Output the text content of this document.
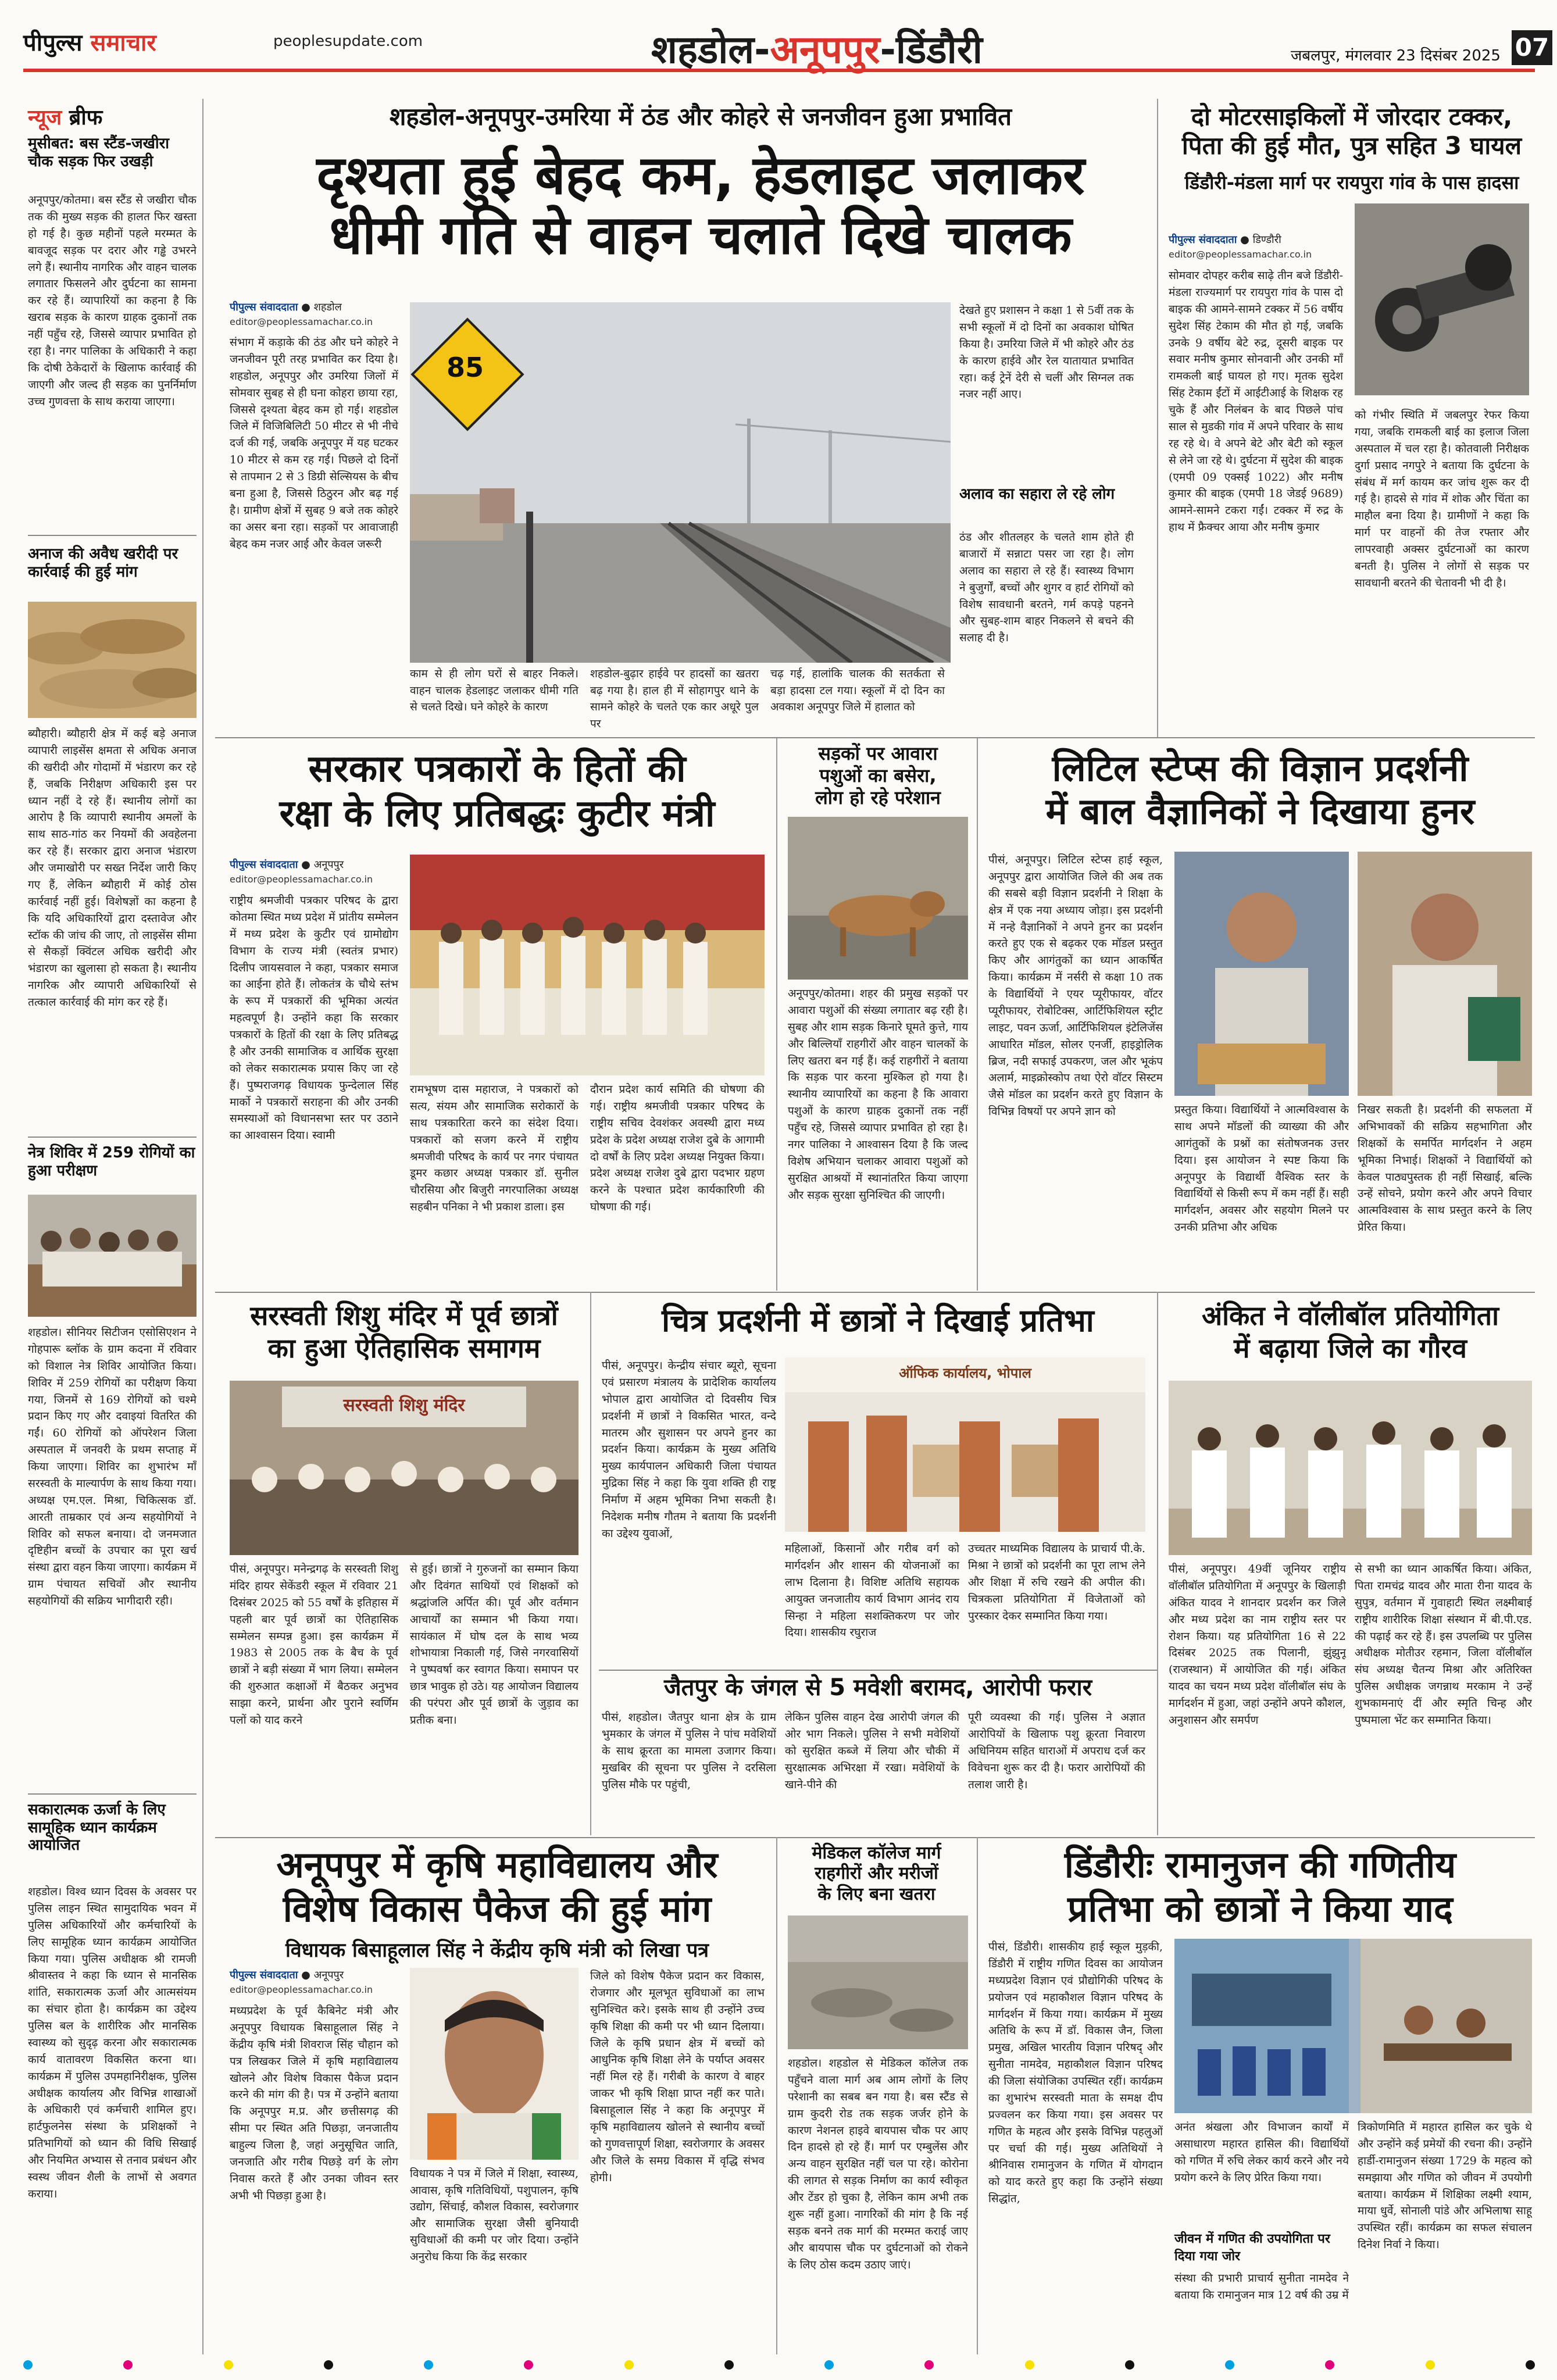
पीपुल्स समाचार	peoplesupdate.com	शहडोल-अनूपपुर-डिंडौरी	जबलपुर, मंगलवार 23 दिसंबर 2025 07
न्यूज ब्रीफ
मुसीबत: बस स्टैंड-जखीरा चौक सड़क फिर उखड़ी
अनूपपुर/कोतमा। बस स्टैंड से जखीरा चौक तक की मुख्य सड़क की हालत फिर खस्ता हो गई है। कुछ महीनों पहले मरम्मत के बावजूद सड़क पर दरार और गड्ढे उभरने लगे हैं। स्थानीय नागरिक और वाहन चालक लगातार फिसलने और दुर्घटना का सामना कर रहे हैं। व्यापारियों का कहना है कि खराब सड़क के कारण ग्राहक दुकानों तक नहीं पहुँच रहे, जिससे व्यापार प्रभावित हो रहा है। नगर पालिका के अधिकारी ने कहा कि दोषी ठेकेदारों के खिलाफ कार्रवाई की जाएगी और जल्द ही सड़क का पुनर्निर्माण उच्च गुणवत्ता के साथ कराया जाएगा।
अनाज की अवैध खरीदी पर कार्रवाई की हुई मांग
ब्यौहारी। ब्यौहारी क्षेत्र में कई बड़े अनाज व्यापारी लाइसेंस क्षमता से अधिक अनाज की खरीदी और गोदामों में भंडारण कर रहे हैं, जबकि निरीक्षण अधिकारी इस पर ध्यान नहीं दे रहे हैं। स्थानीय लोगों का आरोप है कि व्यापारी स्थानीय अमलों के साथ साठ-गांठ कर नियमों की अवहेलना कर रहे हैं। सरकार द्वारा अनाज भंडारण और जमाखोरी पर सख्त निर्देश जारी किए गए हैं, लेकिन ब्यौहारी में कोई ठोस कार्रवाई नहीं हुई। विशेषज्ञों का कहना है कि यदि अधिकारियों द्वारा दस्तावेज और स्टॉक की जांच की जाए, तो लाइसेंस सीमा से सैकड़ों क्विंटल अधिक खरीदी और भंडारण का खुलासा हो सकता है। स्थानीय नागरिक और व्यापारी अधिकारियों से तत्काल कार्रवाई की मांग कर रहे हैं।
नेत्र शिविर में 259 रोगियों का हुआ परीक्षण
शहडोल। सीनियर सिटीजन एसोसिएशन ने गोहपारू ब्लॉक के ग्राम कदना में रविवार को विशाल नेत्र शिविर आयोजित किया। शिविर में 259 रोगियों का परीक्षण किया गया, जिनमें से 169 रोगियों को चश्मे प्रदान किए गए और दवाइयां वितरित की गईं। 60 रोगियों को ऑपरेशन जिला अस्पताल में जनवरी के प्रथम सप्ताह में किया जाएगा। शिविर का शुभारंभ माँ सरस्वती के माल्यार्पण के साथ किया गया। अध्यक्ष एम.एल. मिश्रा, चिकित्सक डॉ. आरती ताम्रकार एवं अन्य सहयोगियों ने शिविर को सफल बनाया। दो जनमजात दृष्टिहीन बच्चों के उपचार का पूरा खर्च संस्था द्वारा वहन किया जाएगा। कार्यक्रम में ग्राम पंचायत सचिवों और स्थानीय सहयोगियों की सक्रिय भागीदारी रही।
सकारात्मक ऊर्जा के लिए सामूहिक ध्यान कार्यक्रम आयोजित
शहडोल। विश्व ध्यान दिवस के अवसर पर पुलिस लाइन स्थित सामुदायिक भवन में पुलिस अधिकारियों और कर्मचारियों के लिए सामूहिक ध्यान कार्यक्रम आयोजित किया गया। पुलिस अधीक्षक श्री रामजी श्रीवास्तव ने कहा कि ध्यान से मानसिक शांति, सकारात्मक ऊर्जा और आत्मसंयम का संचार होता है। कार्यक्रम का उद्देश्य पुलिस बल के शारीरिक और मानसिक स्वास्थ्य को सुदृढ़ करना और सकारात्मक कार्य वातावरण विकसित करना था। कार्यक्रम में पुलिस उपमहानिरीक्षक, पुलिस अधीक्षक कार्यालय और विभिन्न शाखाओं के अधिकारी एवं कर्मचारी शामिल हुए। हार्टफुलनेस संस्था के प्रशिक्षकों ने प्रतिभागियों को ध्यान की विधि सिखाई और नियमित अभ्यास से तनाव प्रबंधन और स्वस्थ जीवन शैली के लाभों से अवगत कराया।
शहडोल-अनूपपुर-उमरिया में ठंड और कोहरे से जनजीवन हुआ प्रभावित
दृश्यता हुई बेहद कम, हेडलाइट जलाकर
धीमी गति से वाहन चलाते दिखे चालक
पीपुल्स संवाददाता ● शहडोल
editor@peoplessamachar.co.in
संभाग में कड़ाके की ठंड और घने कोहरे ने जनजीवन पूरी तरह प्रभावित कर दिया है। शहडोल, अनूपपुर और उमरिया जिलों में सोमवार सुबह से ही घना कोहरा छाया रहा, जिससे दृश्यता बेहद कम हो गई। शहडोल जिले में विजिबिलिटी 50 मीटर से भी नीचे दर्ज की गई, जबकि अनूपपुर में यह घटकर 10 मीटर से कम रह गई। पिछले दो दिनों से तापमान 2 से 3 डिग्री सेल्सियस के बीच बना हुआ है, जिससे ठिठुरन और बढ़ गई है। ग्रामीण क्षेत्रों में सुबह 9 बजे तक कोहरे का असर बना रहा। सड़कों पर आवाजाही बेहद कम नजर आई और केवल जरूरी
85
काम से ही लोग घरों से बाहर निकले। वाहन चालक हेडलाइट जलाकर धीमी गति से चलते दिखे। घने कोहरे के कारण
शहडोल-बुढ़ार हाईवे पर हादसों का खतरा बढ़ गया है। हाल ही में सोहागपुर थाने के सामने कोहरे के चलते एक कार अधूरे पुल पर
चढ़ गई, हालांकि चालक की सतर्कता से बड़ा हादसा टल गया। स्कूलों में दो दिन का अवकाश अनूपपुर जिले में हालात को
देखते हुए प्रशासन ने कक्षा 1 से 5वीं तक के सभी स्कूलों में दो दिनों का अवकाश घोषित किया है। उमरिया जिले में भी कोहरे और ठंड के कारण हाईवे और रेल यातायात प्रभावित रहा। कई ट्रेनें देरी से चलीं और सिग्नल तक नजर नहीं आए।
अलाव का सहारा ले रहे लोग
ठंड और शीतलहर के चलते शाम होते ही बाजारों में सन्नाटा पसर जा रहा है। लोग अलाव का सहारा ले रहे हैं। स्वास्थ्य विभाग ने बुजुर्गों, बच्चों और शुगर व हार्ट रोगियों को विशेष सावधानी बरतने, गर्म कपड़े पहनने और सुबह-शाम बाहर निकलने से बचने की सलाह दी है।
दो मोटरसाइकिलों में जोरदार टक्कर,
पिता की हुई मौत, पुत्र सहित 3 घायल
डिंडौरी-मंडला मार्ग पर रायपुरा गांव के पास हादसा
पीपुल्स संवाददाता ● डिण्डौरी
editor@peoplessamachar.co.in
सोमवार दोपहर करीब साढ़े तीन बजे डिंडौरी-मंडला राज्यमार्ग पर रायपुरा गांव के पास दो बाइक की आमने-सामने टक्कर में 56 वर्षीय सुदेश सिंह टेकाम की मौत हो गई, जबकि उनके 9 वर्षीय बेटे रुद्र, दूसरी बाइक पर सवार मनीष कुमार सोनवानी और उनकी माँ रामकली बाई घायल हो गए। मृतक सुदेश सिंह टेकाम ईंटों में आईटीआई के शिक्षक रह चुके हैं और निलंबन के बाद पिछले पांच साल से मुडकी गांव में अपने परिवार के साथ रह रहे थे। वे अपने बेटे और बेटी को स्कूल से लेने जा रहे थे। दुर्घटना में सुदेश की बाइक (एमपी 09 एक्सई 1022) और मनीष कुमार की बाइक (एमपी 18 जेडई 9689) आमने-सामने टकरा गईं। टक्कर में रुद्र के हाथ में फ्रैक्चर आया और मनीष कुमार
को गंभीर स्थिति में जबलपुर रेफर किया गया, जबकि रामकली बाई का इलाज जिला अस्पताल में चल रहा है। कोतवाली निरीक्षक दुर्गा प्रसाद नगपुरे ने बताया कि दुर्घटना के संबंध में मर्ग कायम कर जांच शुरू कर दी गई है। हादसे से गांव में शोक और चिंता का माहौल बना दिया है। ग्रामीणों ने कहा कि मार्ग पर वाहनों की तेज रफ्तार और लापरवाही अक्सर दुर्घटनाओं का कारण बनती है। पुलिस ने लोगों से सड़क पर सावधानी बरतने की चेतावनी भी दी है।
सरकार पत्रकारों के हितों की
रक्षा के लिए प्रतिबद्धः कुटीर मंत्री
पीपुल्स संवाददाता ● अनूपपुर
editor@peoplessamachar.co.in
राष्ट्रीय श्रमजीवी पत्रकार परिषद के द्वारा कोतमा स्थित मध्य प्रदेश में प्रांतीय सम्मेलन में मध्य प्रदेश के कुटीर एवं ग्रामोद्योग विभाग के राज्य मंत्री (स्वतंत्र प्रभार) दिलीप जायसवाल ने कहा, पत्रकार समाज का आईना होते हैं। लोकतंत्र के चौथे स्तंभ के रूप में पत्रकारों की भूमिका अत्यंत महत्वपूर्ण है। उन्होंने कहा कि सरकार पत्रकारों के हितों की रक्षा के लिए प्रतिबद्ध है और उनकी सामाजिक व आर्थिक सुरक्षा को लेकर सकारात्मक प्रयास किए जा रहे हैं। पुष्पराजगढ़ विधायक फुन्देलाल सिंह मार्को ने पत्रकारों सराहना की और उनकी समस्याओं को विधानसभा स्तर पर उठाने का आश्वासन दिया। स्वामी
रामभूषण दास महाराज, ने पत्रकारों को सत्य, संयम और सामाजिक सरोकारों के साथ पत्रकारिता करने का संदेश दिया। पत्रकारों को सजग करने में राष्ट्रीय श्रमजीवी परिषद के कार्य पर नगर पंचायत डूमर कछार अध्यक्ष पत्रकार डॉ. सुनील चौरसिया और बिजुरी नगरपालिका अध्यक्ष सहबीन पनिका ने भी प्रकाश डाला। इस
दौरान प्रदेश कार्य समिति की घोषणा की गई। राष्ट्रीय श्रमजीवी पत्रकार परिषद के राष्ट्रीय सचिव देवशंकर अवस्थी द्वारा मध्य प्रदेश के प्रदेश अध्यक्ष राजेश दुबे के आगामी दो वर्षों के लिए प्रदेश अध्यक्ष नियुक्त किया। प्रदेश अध्यक्ष राजेश दुबे द्वारा पदभार ग्रहण करने के पश्चात प्रदेश कार्यकारिणी की घोषणा की गई।
सड़कों पर आवारा
पशुओं का बसेरा,
लोग हो रहे परेशान
अनूपपुर/कोतमा। शहर की प्रमुख सड़कों पर आवारा पशुओं की संख्या लगातार बढ़ रही है। सुबह और शाम सड़क किनारे घूमते कुत्ते, गाय और बिल्लियाँ राहगीरों और वाहन चालकों के लिए खतरा बन गई हैं। कई राहगीरों ने बताया कि सड़क पार करना मुश्किल हो गया है। स्थानीय व्यापारियों का कहना है कि आवारा पशुओं के कारण ग्राहक दुकानों तक नहीं पहुँच रहे, जिससे व्यापार प्रभावित हो रहा है। नगर पालिका ने आश्वासन दिया है कि जल्द विशेष अभियान चलाकर आवारा पशुओं को सुरक्षित आश्रयों में स्थानांतरित किया जाएगा और सड़क सुरक्षा सुनिश्चित की जाएगी।
लिटिल स्टेप्स की विज्ञान प्रदर्शनी
में बाल वैज्ञानिकों ने दिखाया हुनर
पीसं, अनूपपुर। लिटिल स्टेप्स हाई स्कूल, अनूपपुर द्वारा आयोजित जिले की अब तक की सबसे बड़ी विज्ञान प्रदर्शनी ने शिक्षा के क्षेत्र में एक नया अध्याय जोड़ा। इस प्रदर्शनी में नन्हे वैज्ञानिकों ने अपने हुनर का प्रदर्शन करते हुए एक से बढ़कर एक मॉडल प्रस्तुत किए और आगंतुकों का ध्यान आकर्षित किया। कार्यक्रम में नर्सरी से कक्षा 10 तक के विद्यार्थियों ने एयर प्यूरीफायर, वॉटर प्यूरीफायर, रोबोटिक्स, आर्टिफिशियल स्ट्रीट लाइट, पवन ऊर्जा, आर्टिफिशियल इंटेलिजेंस आधारित मॉडल, सोलर एनर्जी, हाइड्रोलिक ब्रिज, नदी सफाई उपकरण, जल और भूकंप अलार्म, माइक्रोस्कोप तथा ऐरो वॉटर सिस्टम जैसे मॉडल का प्रदर्शन करते हुए विज्ञान के विभिन्न विषयों पर अपने ज्ञान को	प्रस्तुत किया। विद्यार्थियों ने आत्मविश्वास के साथ अपने मॉडलों की व्याख्या की और आगंतुकों के प्रश्नों का संतोषजनक उत्तर दिया। इस आयोजन ने स्पष्ट किया कि अनूपपुर के विद्यार्थी वैश्विक स्तर के विद्यार्थियों से किसी रूप में कम नहीं हैं। सही मार्गदर्शन, अवसर और सहयोग मिलने पर उनकी प्रतिभा और अधिक
निखर सकती है। प्रदर्शनी की सफलता में अभिभावकों की सक्रिय सहभागिता और शिक्षकों के समर्पित मार्गदर्शन ने अहम भूमिका निभाई। शिक्षकों ने विद्यार्थियों को केवल पाठ्यपुस्तक ही नहीं सिखाई, बल्कि उन्हें सोचने, प्रयोग करने और अपने विचार आत्मविश्वास के साथ प्रस्तुत करने के लिए प्रेरित किया।
सरस्वती शिशु मंदिर में पूर्व छात्रों
का हुआ ऐतिहासिक समागम
सरस्वती शिशु मंदिर
पीसं, अनूपपुर। मनेन्द्रगढ़ के सरस्वती शिशु मंदिर हायर सेकेंडरी स्कूल में रविवार 21 दिसंबर 2025 को 55 वर्षों के इतिहास में पहली बार पूर्व छात्रों का ऐतिहासिक सम्मेलन सम्पन्न हुआ। इस कार्यक्रम में 1983 से 2005 तक के बैच के पूर्व छात्रों ने बड़ी संख्या में भाग लिया। सम्मेलन की शुरुआत कक्षाओं में बैठकर अनुभव साझा करने, प्रार्थना और पुराने स्वर्णिम पलों को याद करने
से हुई। छात्रों ने गुरुजनों का सम्मान किया और दिवंगत साथियों एवं शिक्षकों को श्रद्धांजलि अर्पित की। पूर्व और वर्तमान आचार्यों का सम्मान भी किया गया। सायंकाल में घोष दल के साथ भव्य शोभायात्रा निकाली गई, जिसे नगरवासियों ने पुष्पवर्षा कर स्वागत किया। समापन पर छात्र भावुक हो उठे। यह आयोजन विद्यालय की परंपरा और पूर्व छात्रों के जुड़ाव का प्रतीक बना।
चित्र प्रदर्शनी में छात्रों ने दिखाई प्रतिभा
पीसं, अनूपपुर। केन्द्रीय संचार ब्यूरो, सूचना एवं प्रसारण मंत्रालय के प्रादेशिक कार्यालय भोपाल द्वारा आयोजित दो दिवसीय चित्र प्रदर्शनी में छात्रों ने विकसित भारत, वन्दे मातरम और सुशासन पर अपने हुनर का प्रदर्शन किया। कार्यक्रम के मुख्य अतिथि मुख्य कार्यपालन अधिकारी जिला पंचायत मुद्रिका सिंह ने कहा कि युवा शक्ति ही राष्ट्र निर्माण में अहम भूमिका निभा सकती है। निदेशक मनीष गौतम ने बताया कि प्रदर्शनी का उद्देश्य युवाओं,
ऑफिक कार्यालय, भोपाल
महिलाओं, किसानों और गरीब वर्ग को मार्गदर्शन और शासन की योजनाओं का लाभ दिलाना है। विशिष्ट अतिथि सहायक आयुक्त जनजातीय कार्य विभाग आनंद राय सिन्हा ने महिला सशक्तिकरण पर जोर दिया। शासकीय रघुराज
उच्चतर माध्यमिक विद्यालय के प्राचार्य पी.के. मिश्रा ने छात्रों को प्रदर्शनी का पूरा लाभ लेने और शिक्षा में रुचि रखने की अपील की। चित्रकला प्रतियोगिता में विजेताओं को पुरस्कार देकर सम्मानित किया गया।
जैतपुर के जंगल से 5 मवेशी बरामद, आरोपी फरार
पीसं, शहडोल। जैतपुर थाना क्षेत्र के ग्राम भुमकार के जंगल में पुलिस ने पांच मवेशियों के साथ क्रूरता का मामला उजागर किया। मुखबिर की सूचना पर पुलिस ने दरसिला पुलिस मौके पर पहुंची,
लेकिन पुलिस वाहन देख आरोपी जंगल की ओर भाग निकले। पुलिस ने सभी मवेशियों को सुरक्षित कब्जे में लिया और चौकी में सुरक्षात्मक अभिरक्षा में रखा। मवेशियों के खाने-पीने की
पूरी व्यवस्था की गई। पुलिस ने अज्ञात आरोपियों के खिलाफ पशु क्रूरता निवारण अधिनियम सहित धाराओं में अपराध दर्ज कर विवेचना शुरू कर दी है। फरार आरोपियों की तलाश जारी है।
अंकित ने वॉलीबॉल प्रतियोगिता
में बढ़ाया जिले का गौरव
पीसं, अनूपपुर। 49वीं जूनियर राष्ट्रीय वॉलीबॉल प्रतियोगिता में अनूपपुर के खिलाड़ी अंकित यादव ने शानदार प्रदर्शन कर जिले और मध्य प्रदेश का नाम राष्ट्रीय स्तर पर रोशन किया। यह प्रतियोगिता 16 से 22 दिसंबर 2025 तक पिलानी, झुंझुनू (राजस्थान) में आयोजित की गई। अंकित यादव का चयन मध्य प्रदेश वॉलीबॉल संघ के मार्गदर्शन में हुआ, जहां उन्होंने अपने कौशल, अनुशासन और समर्पण
से सभी का ध्यान आकर्षित किया। अंकित, पिता रामचंद्र यादव और माता रीना यादव के सुपुत्र, वर्तमान में गुवाहाटी स्थित लक्ष्मीबाई राष्ट्रीय शारीरिक शिक्षा संस्थान में बी.पी.एड. की पढ़ाई कर रहे हैं। इस उपलब्धि पर पुलिस अधीक्षक मोतीउर रहमान, जिला वॉलीबॉल संघ अध्यक्ष चैतन्य मिश्रा और अतिरिक्त पुलिस अधीक्षक जगन्नाथ मरकाम ने उन्हें शुभकामनाएं दीं और स्मृति चिन्ह और पुष्पमाला भेंट कर सम्मानित किया।
अनूपपुर में कृषि महाविद्यालय और
विशेष विकास पैकेज की हुई मांग
विधायक बिसाहूलाल सिंह ने केंद्रीय कृषि मंत्री को लिखा पत्र
पीपुल्स संवाददाता ● अनूपपुर
editor@peoplessamachar.co.in
मध्यप्रदेश के पूर्व कैबिनेट मंत्री और अनूपपुर विधायक बिसाहूलाल सिंह ने केंद्रीय कृषि मंत्री शिवराज सिंह चौहान को पत्र लिखकर जिले में कृषि महाविद्यालय खोलने और विशेष विकास पैकेज प्रदान करने की मांग की है। पत्र में उन्होंने बताया कि अनूपपुर म.प्र. और छत्तीसगढ़ की सीमा पर स्थित अति पिछड़ा, जनजातीय बाहुल्य जिला है, जहां अनुसूचित जाति, जनजाति और गरीब पिछड़े वर्ग के लोग निवास करते हैं और उनका जीवन स्तर अभी भी पिछड़ा हुआ है।
विधायक ने पत्र में जिले में शिक्षा, स्वास्थ्य, आवास, कृषि गतिविधियों, पशुपालन, कृषि उद्योग, सिंचाई, कौशल विकास, स्वरोजगार और सामाजिक सुरक्षा जैसी बुनियादी सुविधाओं की कमी पर जोर दिया। उन्होंने अनुरोध किया कि केंद्र सरकार
जिले को विशेष पैकेज प्रदान कर विकास, रोजगार और मूलभूत सुविधाओं का लाभ सुनिश्चित करे। इसके साथ ही उन्होंने उच्च कृषि शिक्षा की कमी पर भी ध्यान दिलाया। जिले के कृषि प्रधान क्षेत्र में बच्चों को आधुनिक कृषि शिक्षा लेने के पर्याप्त अवसर नहीं मिल रहे हैं। गरीबी के कारण वे बाहर जाकर भी कृषि शिक्षा प्राप्त नहीं कर पाते। बिसाहूलाल सिंह ने कहा कि अनूपपुर में कृषि महाविद्यालय खोलने से स्थानीय बच्चों को गुणवत्तापूर्ण शिक्षा, स्वरोजगार के अवसर और जिले के समग्र विकास में वृद्धि संभव होगी।
मेडिकल कॉलेज मार्ग
राहगीरों और मरीजों
के लिए बना खतरा
शहडोल। शहडोल से मेडिकल कॉलेज तक पहुँचने वाला मार्ग अब आम लोगों के लिए परेशानी का सबब बन गया है। बस स्टैंड से ग्राम कुदरी रोड तक सड़क जर्जर होने के कारण नेशनल हाइवे बायपास चौक पर आए दिन हादसे हो रहे हैं। मार्ग पर एम्बुलेंस और अन्य वाहन सुरक्षित नहीं चल पा रहे। कोरोना की लागत से सड़क निर्माण का कार्य स्वीकृत और टेंडर हो चुका है, लेकिन काम अभी तक शुरू नहीं हुआ। नागरिकों की मांग है कि नई सड़क बनने तक मार्ग की मरम्मत कराई जाए और बायपास चौक पर दुर्घटनाओं को रोकने के लिए ठोस कदम उठाए जाएं।
डिंडौरीः रामानुजन की गणितीय
प्रतिभा को छात्रों ने किया याद
पीसं, डिंडौरी। शासकीय हाई स्कूल मुड़की, डिंडौरी में राष्ट्रीय गणित दिवस का आयोजन मध्यप्रदेश विज्ञान एवं प्रौद्योगिकी परिषद के प्रयोजन एवं महाकौशल विज्ञान परिषद के मार्गदर्शन में किया गया। कार्यक्रम में मुख्य अतिथि के रूप में डॉ. विकास जैन, जिला प्रमुख, अखिल भारतीय विज्ञान परिषद् और सुनीता नामदेव, महाकौशल विज्ञान परिषद की जिला संयोजिका उपस्थित रहीं। कार्यक्रम का शुभारंभ सरस्वती माता के समक्ष दीप प्रज्वलन कर किया गया। इस अवसर पर गणित के महत्व और इसके विभिन्न पहलुओं पर चर्चा की गई। मुख्य अतिथियों ने श्रीनिवास रामानुजन के गणित में योगदान को याद करते हुए कहा कि उन्होंने संख्या सिद्धांत,
अनंत श्रंखला और विभाजन कार्यों में असाधारण महारत हासिल की। विद्यार्थियों को गणित में रुचि लेकर कार्य करने और नये प्रयोग करने के लिए प्रेरित किया गया।
जीवन में गणित की उपयोगिता पर दिया गया जोर
संस्था की प्रभारी प्राचार्य सुनीता नामदेव ने बताया कि रामानुजन मात्र 12 वर्ष की उम्र में
त्रिकोणमिति में महारत हासिल कर चुके थे और उन्होंने कई प्रमेयों की रचना की। उन्होंने हार्डी-रामानुजन संख्या 1729 के महत्व को समझाया और गणित को जीवन में उपयोगी बताया। कार्यक्रम में शिक्षिका लक्ष्मी श्याम, माया धुर्वे, सोनाली पांडे और अभिलाषा साहू उपस्थित रहीं। कार्यक्रम का सफल संचालन दिनेश निर्वा ने किया।
